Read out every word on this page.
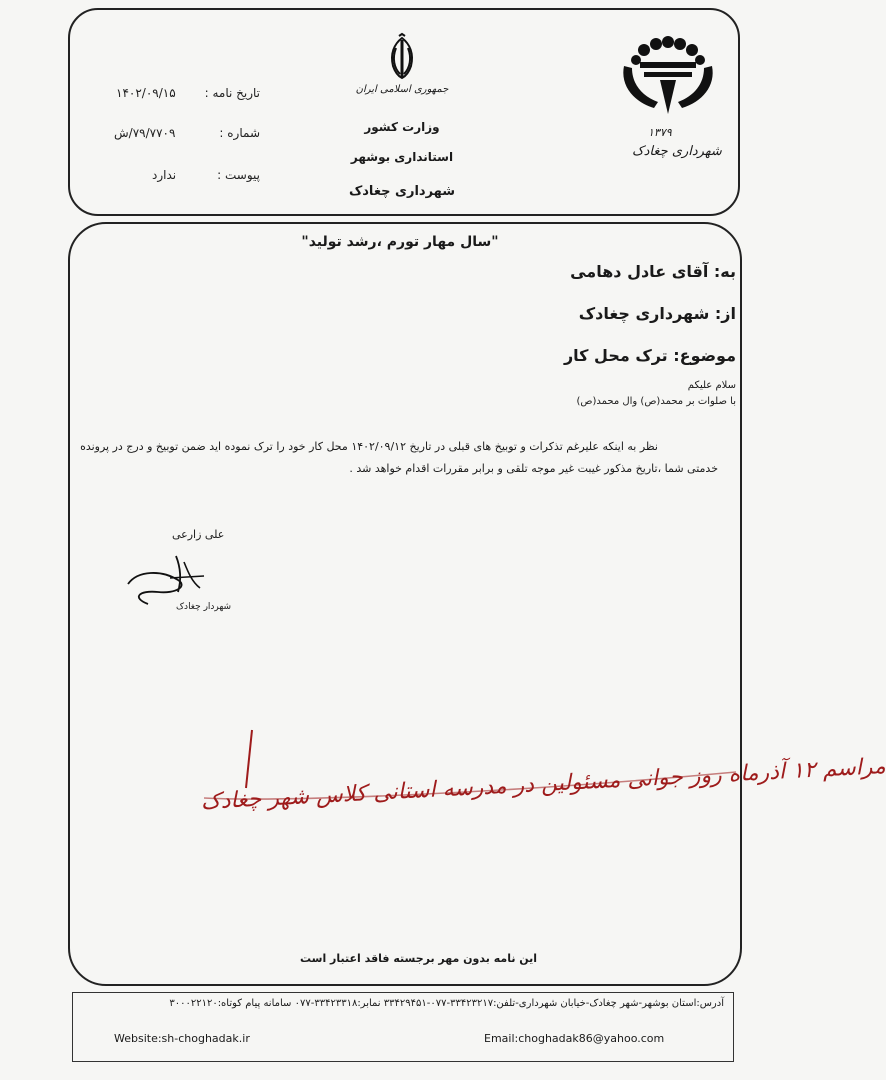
تاریخ نامه :
۱۴۰۲/۰۹/۱۵
شماره :
۷۹/۷۷۰۹/ش
پیوست :
ندارد
جمهوری اسلامی ایران
وزارت کشور
استانداری بوشهر
شهرداری چغادک
۱۳۷۹
شهرداری چغادک
"سال مهار تورم ،رشد تولید"
به: آقای عادل دهامی
از: شهرداری چغادک
موضوع: ترک محل کار
سلام علیکم
با صلوات بر محمد(ص) وال محمد(ص)
نظر به اینکه علیرغم تذکرات و توبیخ های قبلی در تاریخ ۱۴۰۲/۰۹/۱۲ محل کار خود را ترک نموده اید ضمن توبیخ و درج در پرونده
خدمتی شما ،تاریخ مذکور غیبت غیر موجه تلقی و برابر مقررات اقدام خواهد شد .
علی زارعی
شهردار چغادک
مراسم ۱۲ آذرماه روز جوانی مسئولین در مدرسه استانی کلاس شهر چغادک
این نامه بدون مهر برجسته فاقد اعتبار است
آدرس:استان بوشهر-شهر چغادک-خیابان شهرداری-تلفن:۳۳۴۲۳۲۱۷-۰۷۷-۳۳۴۲۹۴۵۱ نمابر:۳۳۴۲۳۳۱۸-۰۷۷ سامانه پیام کوتاه:۳۰۰۰۲۲۱۲۰
Website:sh-choghadak.ir	Email:choghadak86@yahoo.com
